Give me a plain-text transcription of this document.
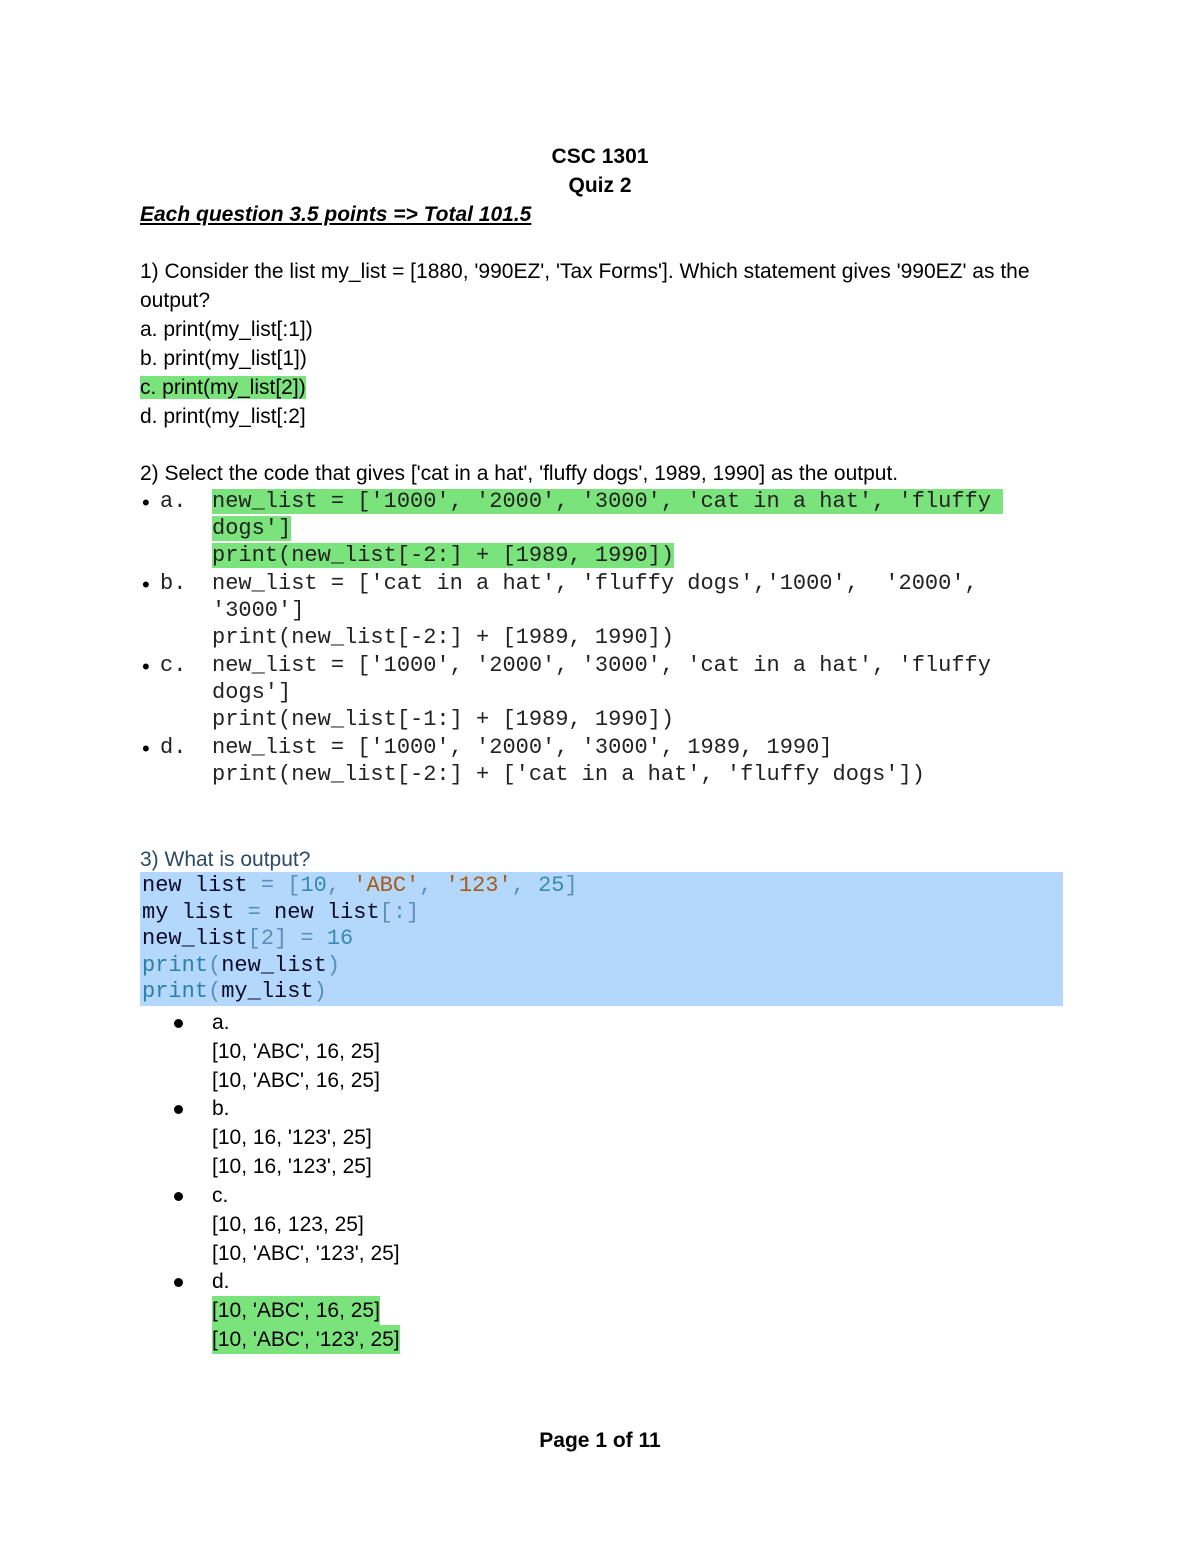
CSC 1301
Quiz 2
Each question 3.5 points => Total 101.5
1) Consider the list my_list = [1880, '990EZ', 'Tax Forms']. Which statement gives '990EZ' as the
output?
a. print(my_list[:1])
b. print(my_list[1])
c. print(my_list[2])
d. print(my_list[:2]
2) Select the code that gives ['cat in a hat', 'fluffy dogs', 1989, 1990] as the output.
• a. new_list = ['1000', '2000', '3000', 'cat in a hat', 'fluffy
dogs']
print(new_list[-2:] + [1989, 1990])
• b. new_list = ['cat in a hat', 'fluffy dogs','1000',  '2000',
'3000']
print(new_list[-2:] + [1989, 1990])
• c. new_list = ['1000', '2000', '3000', 'cat in a hat', 'fluffy
dogs']
print(new_list[-1:] + [1989, 1990])
• d. new_list = ['1000', '2000', '3000', 1989, 1990]
print(new_list[-2:] + ['cat in a hat', 'fluffy dogs'])
3) What is output?
new list = [10, 'ABC', '123', 25]
my list = new list[:]
new_list[2] = 16
print(new_list)
print(my_list)
a.
[10, 'ABC', 16, 25]
[10, 'ABC', 16, 25]
b.
[10, 16, '123', 25]
[10, 16, '123', 25]
c.
[10, 16, 123, 25]
[10, 'ABC', '123', 25]
d.
[10, 'ABC', 16, 25]
[10, 'ABC', '123', 25]
Page 1 of 11
